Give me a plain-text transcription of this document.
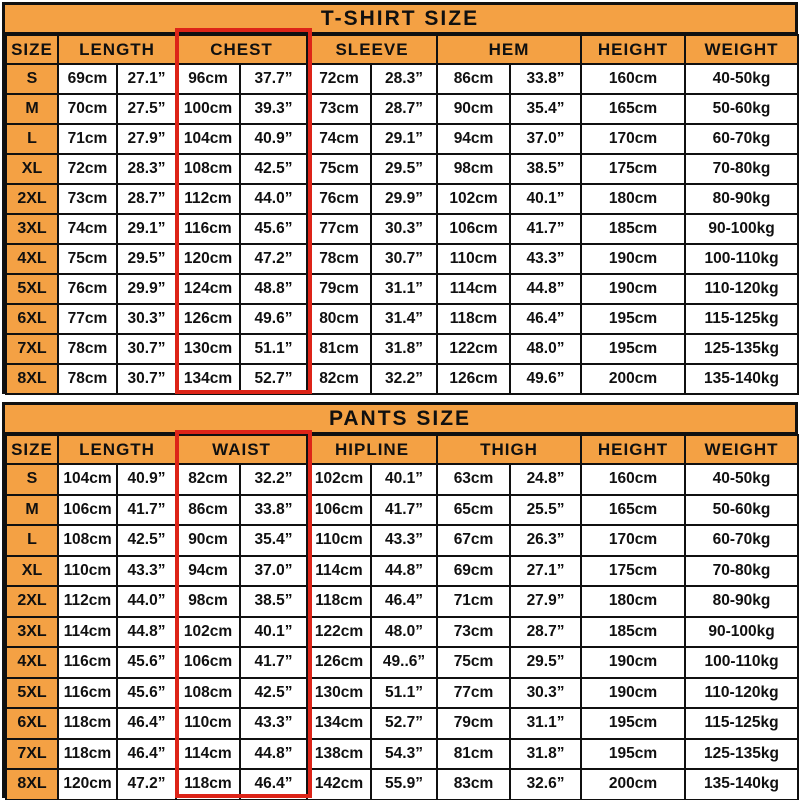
T-SHIRT SIZE
SIZE	LENGTH		CHEST		SLEEVE		HEM		HEIGHT	WEIGHT
S	69cm	27.1”	96cm	37.7”	72cm	28.3”	86cm	33.8”	160cm	40-50kg
M	70cm	27.5”	100cm	39.3”	73cm	28.7”	90cm	35.4”	165cm	50-60kg
L	71cm	27.9”	104cm	40.9”	74cm	29.1”	94cm	37.0”	170cm	60-70kg
XL	72cm	28.3”	108cm	42.5”	75cm	29.5”	98cm	38.5”	175cm	70-80kg
2XL	73cm	28.7”	112cm	44.0”	76cm	29.9”	102cm	40.1”	180cm	80-90kg
3XL	74cm	29.1”	116cm	45.6”	77cm	30.3”	106cm	41.7”	185cm	90-100kg
4XL	75cm	29.5”	120cm	47.2”	78cm	30.7”	110cm	43.3”	190cm	100-110kg
5XL	76cm	29.9”	124cm	48.8”	79cm	31.1”	114cm	44.8”	190cm	110-120kg
6XL	77cm	30.3”	126cm	49.6”	80cm	31.4”	118cm	46.4”	195cm	115-125kg
7XL	78cm	30.7”	130cm	51.1”	81cm	31.8”	122cm	48.0”	195cm	125-135kg
8XL	78cm	30.7”	134cm	52.7”	82cm	32.2”	126cm	49.6”	200cm	135-140kg
PANTS SIZE
SIZE	LENGTH		WAIST		HIPLINE		THIGH		HEIGHT	WEIGHT
S	104cm	40.9”	82cm	32.2”	102cm	40.1”	63cm	24.8”	160cm	40-50kg
M	106cm	41.7”	86cm	33.8”	106cm	41.7”	65cm	25.5”	165cm	50-60kg
L	108cm	42.5”	90cm	35.4”	110cm	43.3”	67cm	26.3”	170cm	60-70kg
XL	110cm	43.3”	94cm	37.0”	114cm	44.8”	69cm	27.1”	175cm	70-80kg
2XL	112cm	44.0”	98cm	38.5”	118cm	46.4”	71cm	27.9”	180cm	80-90kg
3XL	114cm	44.8”	102cm	40.1”	122cm	48.0”	73cm	28.7”	185cm	90-100kg
4XL	116cm	45.6”	106cm	41.7”	126cm	49..6”	75cm	29.5”	190cm	100-110kg
5XL	116cm	45.6”	108cm	42.5”	130cm	51.1”	77cm	30.3”	190cm	110-120kg
6XL	118cm	46.4”	110cm	43.3”	134cm	52.7”	79cm	31.1”	195cm	115-125kg
7XL	118cm	46.4”	114cm	44.8”	138cm	54.3”	81cm	31.8”	195cm	125-135kg
8XL	120cm	47.2”	118cm	46.4”	142cm	55.9”	83cm	32.6”	200cm	135-140kg
